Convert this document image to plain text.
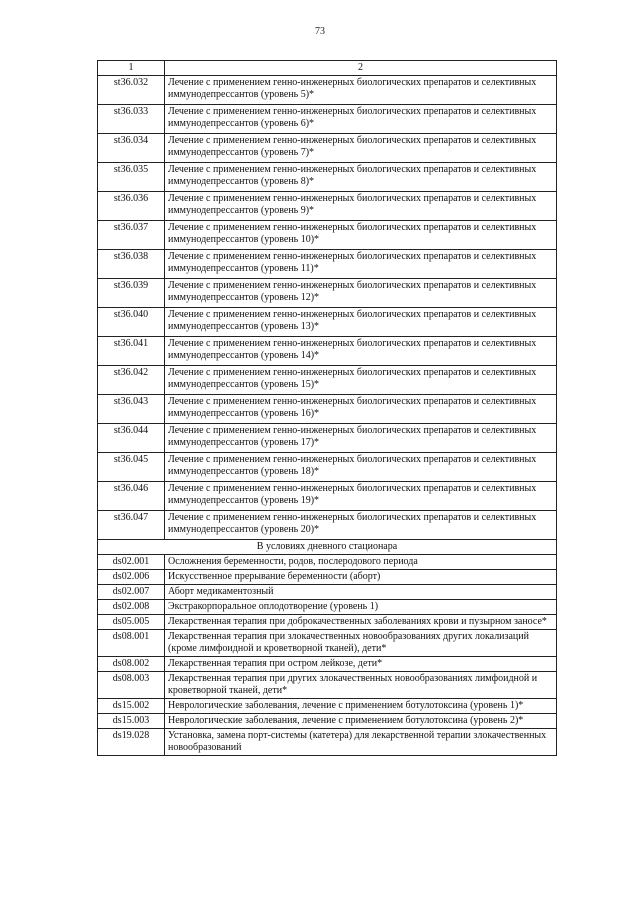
73
1	2
st36.032	Лечение с применением генно-инженерных биологических препаратов и селективных иммунодепрессантов (уровень 5)*
st36.033	Лечение с применением генно-инженерных биологических препаратов и селективных иммунодепрессантов (уровень 6)*
st36.034	Лечение с применением генно-инженерных биологических препаратов и селективных иммунодепрессантов (уровень 7)*
st36.035	Лечение с применением генно-инженерных биологических препаратов и селективных иммунодепрессантов (уровень 8)*
st36.036	Лечение с применением генно-инженерных биологических препаратов и селективных иммунодепрессантов (уровень 9)*
st36.037	Лечение с применением генно-инженерных биологических препаратов и селективных иммунодепрессантов (уровень 10)*
st36.038	Лечение с применением генно-инженерных биологических препаратов и селективных иммунодепрессантов (уровень 11)*
st36.039	Лечение с применением генно-инженерных биологических препаратов и селективных иммунодепрессантов (уровень 12)*
st36.040	Лечение с применением генно-инженерных биологических препаратов и селективных иммунодепрессантов (уровень 13)*
st36.041	Лечение с применением генно-инженерных биологических препаратов и селективных иммунодепрессантов (уровень 14)*
st36.042	Лечение с применением генно-инженерных биологических препаратов и селективных иммунодепрессантов (уровень 15)*
st36.043	Лечение с применением генно-инженерных биологических препаратов и селективных иммунодепрессантов (уровень 16)*
st36.044	Лечение с применением генно-инженерных биологических препаратов и селективных иммунодепрессантов (уровень 17)*
st36.045	Лечение с применением генно-инженерных биологических препаратов и селективных иммунодепрессантов (уровень 18)*
st36.046	Лечение с применением генно-инженерных биологических препаратов и селективных иммунодепрессантов (уровень 19)*
st36.047	Лечение с применением генно-инженерных биологических препаратов и селективных иммунодепрессантов (уровень 20)*
В условиях дневного стационара	
ds02.001	Осложнения беременности, родов, послеродового периода
ds02.006	Искусственное прерывание беременности (аборт)
ds02.007	Аборт медикаментозный
ds02.008	Экстракорпоральное оплодотворение (уровень 1)
ds05.005	Лекарственная терапия при доброкачественных заболеваниях крови и пузырном заносе*
ds08.001	Лекарственная терапия при злокачественных новообразованиях других локализаций (кроме лимфоидной и кроветворной тканей), дети*
ds08.002	Лекарственная терапия при остром лейкозе, дети*
ds08.003	Лекарственная терапия при других злокачественных новообразованиях лимфоидной и кроветворной тканей, дети*
ds15.002	Неврологические заболевания, лечение с применением ботулотоксина (уровень 1)*
ds15.003	Неврологические заболевания, лечение с применением ботулотоксина (уровень 2)*
ds19.028	Установка, замена порт-системы (катетера) для лекарственной терапии злокачественных новообразований
